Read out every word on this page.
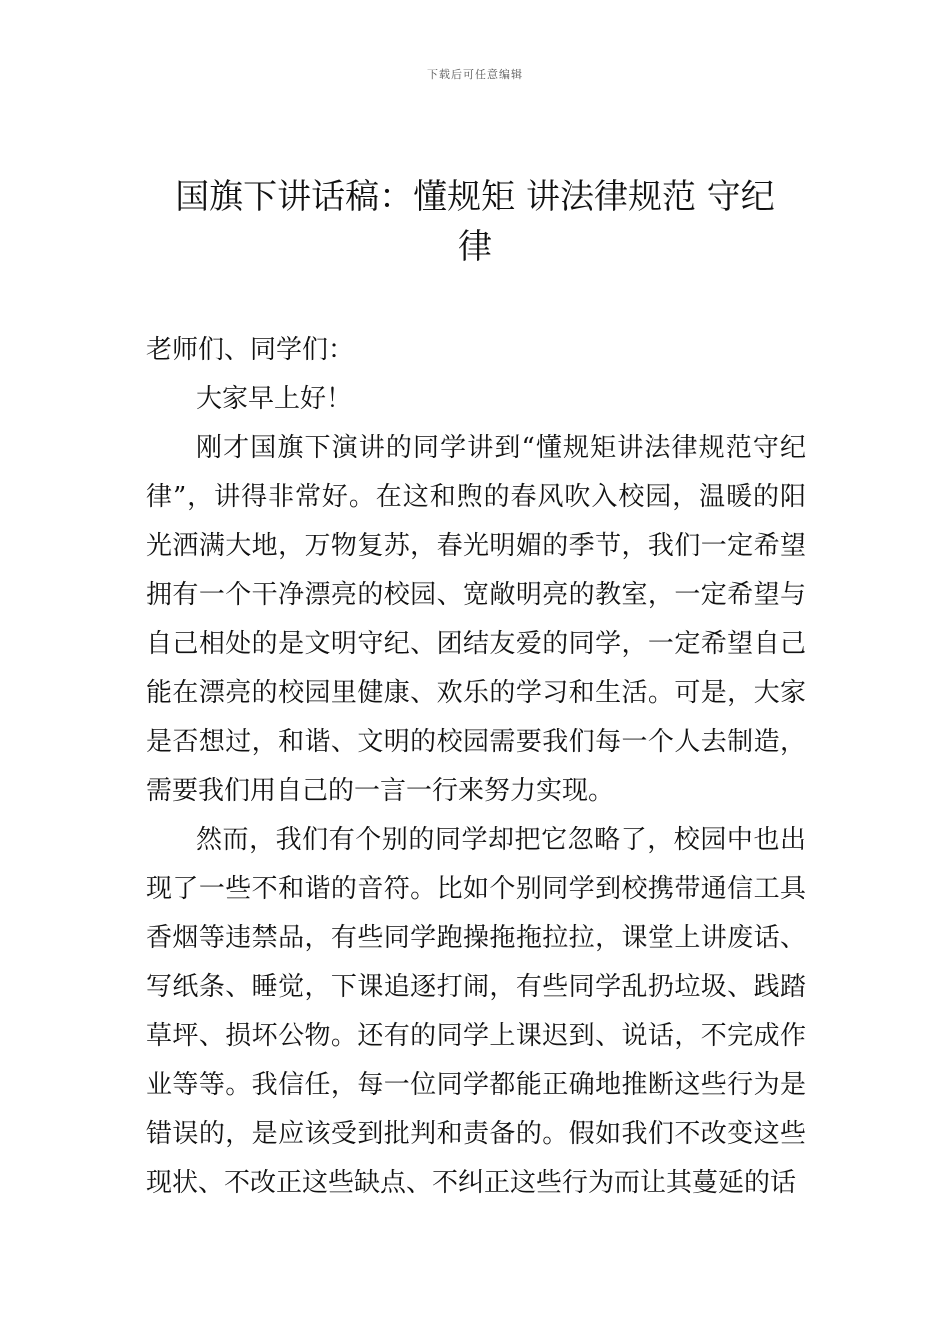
下载后可任意编辑
国旗下讲话稿：懂规矩 讲法律规范 守纪
律

老师们、同学们：

大家早上好！

刚才国旗下演讲的同学讲到“懂规矩讲法律规范守纪律”，讲得非常好。在这和煦的春风吹入校园，温暖的阳光洒满大地，万物复苏，春光明媚的季节，我们一定希望拥有一个干净漂亮的校园、宽敞明亮的教室，一定希望与自己相处的是文明守纪、团结友爱的同学，一定希望自己能在漂亮的校园里健康、欢乐的学习和生活。可是，大家是否想过，和谐、文明的校园需要我们每一个人去制造，需要我们用自己的一言一行来努力实现。

然而，我们有个别的同学却把它忽略了，校园中也出现了一些不和谐的音符。比如个别同学到校携带通信工具香烟等违禁品，有些同学跑操拖拖拉拉，课堂上讲废话、写纸条、睡觉，下课追逐打闹，有些同学乱扔垃圾、践踏草坪、损坏公物。还有的同学上课迟到、说话，不完成作业等等。我信任，每一位同学都能正确地推断这些行为是错误的，是应该受到批判和责备的。假如我们不改变这些现状、不改正这些缺点、不纠正这些行为而让其蔓延的话
